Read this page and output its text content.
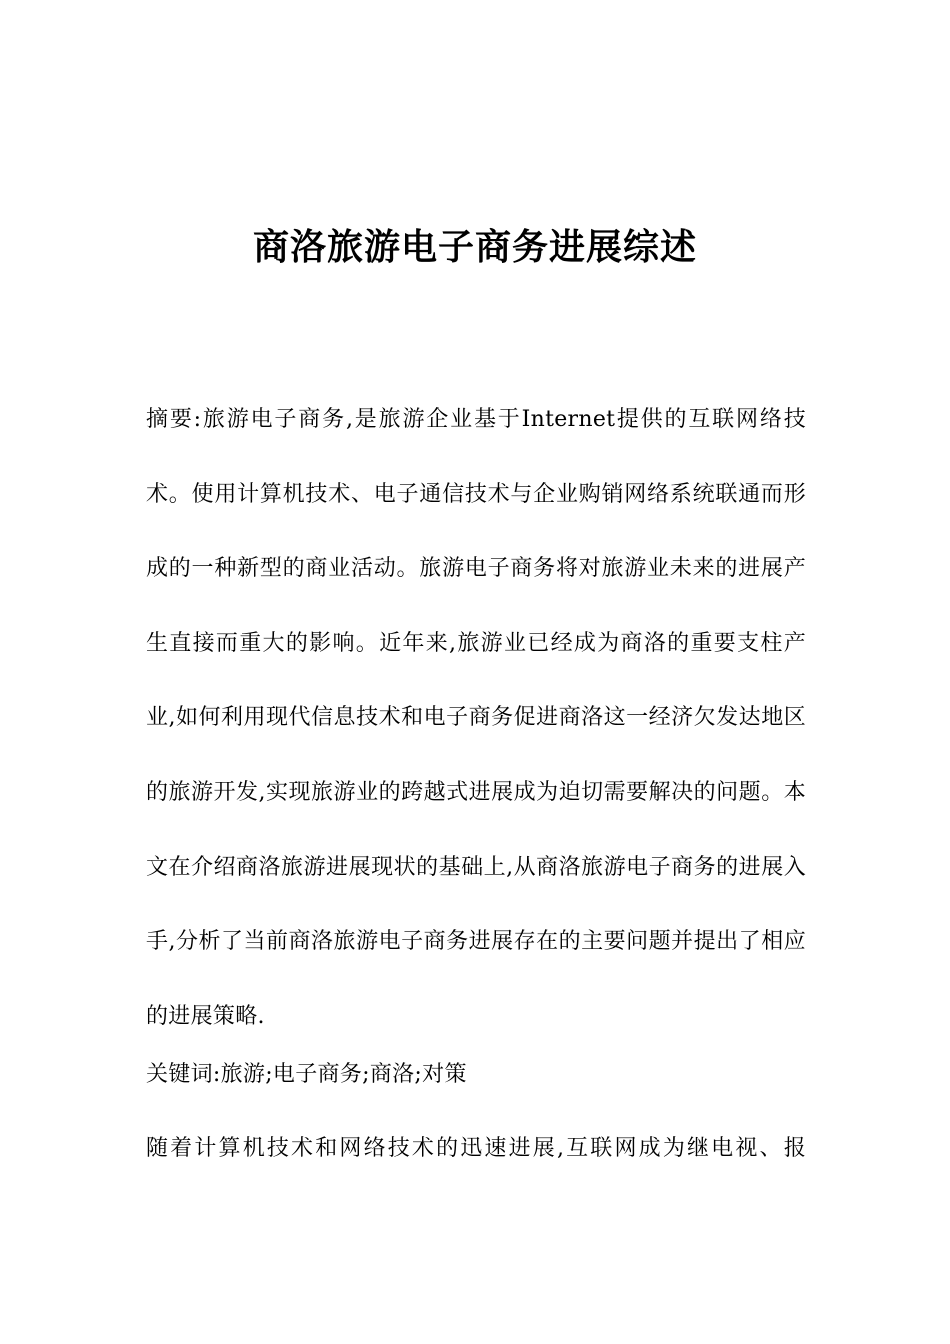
商洛旅游电子商务进展综述
摘要:旅游电子商务,是旅游企业基于Internet提供的互联网络技术。使用计算机技术、电子通信技术与企业购销网络系统联通而形成的一种新型的商业活动。旅游电子商务将对旅游业未来的进展产生直接而重大的影响。近年来,旅游业已经成为商洛的重要支柱产业,如何利用现代信息技术和电子商务促进商洛这一经济欠发达地区的旅游开发,实现旅游业的跨越式进展成为迫切需要解决的问题。本文在介绍商洛旅游进展现状的基础上,从商洛旅游电子商务的进展入手,分析了当前商洛旅游电子商务进展存在的主要问题并提出了相应的进展策略.
关键词:旅游;电子商务;商洛;对策
随着计算机技术和网络技术的迅速进展,互联网成为继电视、报
